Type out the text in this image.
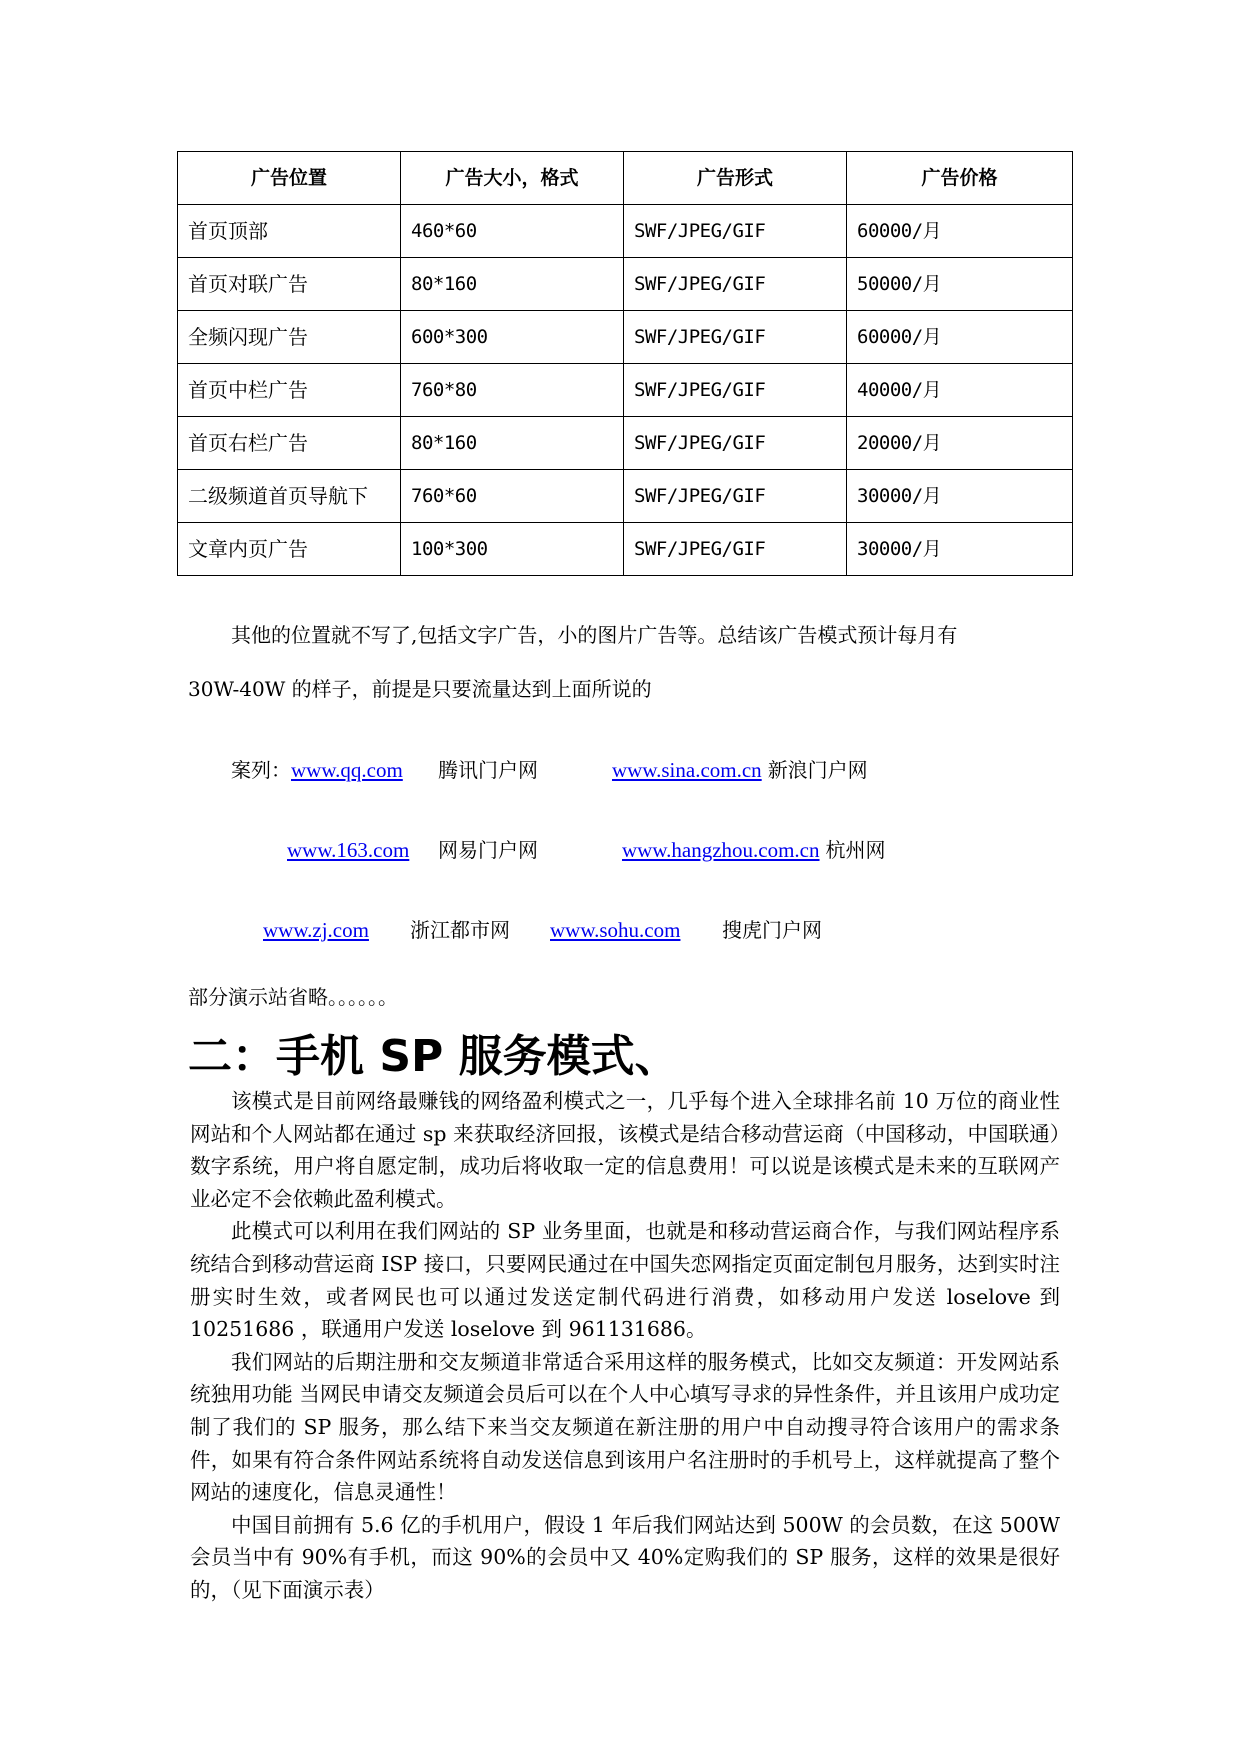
广告位置	广告大小，格式	广告形式	广告价格
首页顶部	460*60	SWF/JPEG/GIF	60000/月
首页对联广告	80*160	SWF/JPEG/GIF	50000/月
全频闪现广告	600*300	SWF/JPEG/GIF	60000/月
首页中栏广告	760*80	SWF/JPEG/GIF	40000/月
首页右栏广告	80*160	SWF/JPEG/GIF	20000/月
二级频道首页导航下	760*60	SWF/JPEG/GIF	30000/月
文章内页广告	100*300	SWF/JPEG/GIF	30000/月
其他的位置就不写了,包括文字广告，小的图片广告等。总结该广告模式预计每月有
30W-40W 的样子，前提是只要流量达到上面所说的
案列：www.qq.com 腾讯门户网	www.sina.com.cn 新浪门户网
www.163.com 网易门户网	www.hangzhou.com.cn 杭州网
www.zj.com 浙江都市网 www.sohu.com 搜虎门户网
部分演示站省略。。。。。。
二：手机 SP 服务模式、

该模式是目前网络最赚钱的网络盈利模式之一，几乎每个进入全球排名前 10 万位的商业性网站和个人网站都在通过 sp 来获取经济回报，该模式是结合移动营运商（中国移动，中国联通）数字系统，用户将自愿定制，成功后将收取一定的信息费用！可以说是该模式是未来的互联网产业必定不会依赖此盈利模式。

此模式可以利用在我们网站的 SP 业务里面，也就是和移动营运商合作，与我们网站程序系统结合到移动营运商 ISP 接口，只要网民通过在中国失恋网指定页面定制包月服务，达到实时注册实时生效，或者网民也可以通过发送定制代码进行消费，如移动用户发送 loselove 到 10251686 ，联通用户发送 loselove 到 961131686。

我们网站的后期注册和交友频道非常适合采用这样的服务模式，比如交友频道：开发网站系统独用功能 当网民申请交友频道会员后可以在个人中心填写寻求的异性条件，并且该用户成功定制了我们的 SP 服务，那么结下来当交友频道在新注册的用户中自动搜寻符合该用户的需求条件，如果有符合条件网站系统将自动发送信息到该用户名注册时的手机号上，这样就提高了整个网站的速度化，信息灵通性！

中国目前拥有 5.6 亿的手机用户，假设 1 年后我们网站达到 500W 的会员数，在这 500W 会员当中有 90%有手机，而这 90%的会员中又 40%定购我们的 SP 服务，这样的效果是很好的，（见下面演示表）
